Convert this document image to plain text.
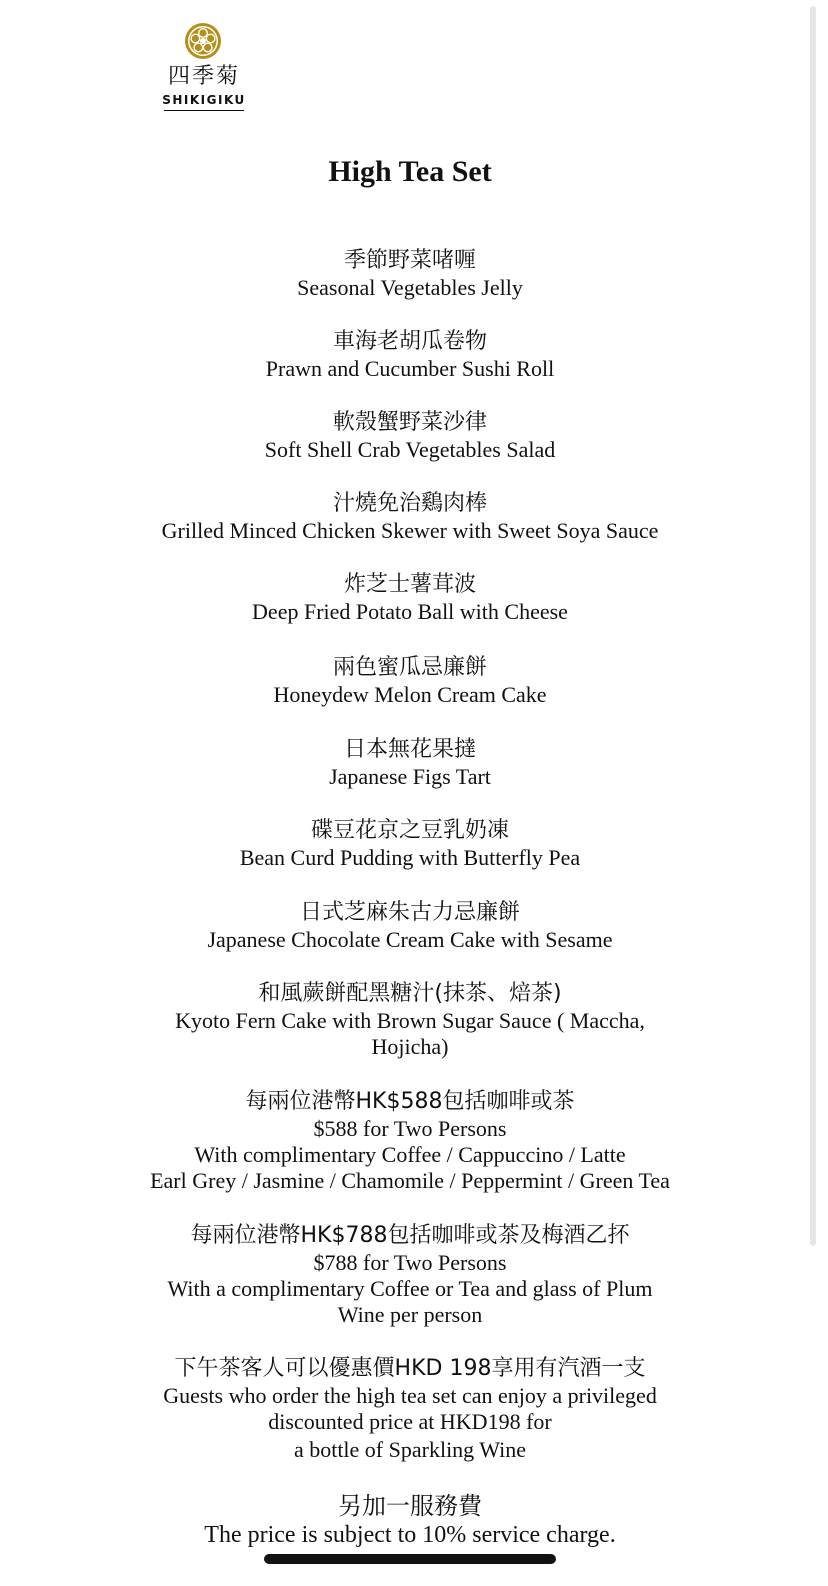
四季菊
SHIKIGIKU
High Tea Set
季節野菜啫喱
Seasonal Vegetables Jelly
車海老胡瓜卷物
Prawn and Cucumber Sushi Roll
軟殼蟹野菜沙律
Soft Shell Crab Vegetables Salad
汁燒免治鷄肉棒
Grilled Minced Chicken Skewer with Sweet Soya Sauce
炸芝士薯茸波
Deep Fried Potato Ball with Cheese
兩色蜜瓜忌廉餅
Honeydew Melon Cream Cake
日本無花果撻
Japanese Figs Tart
碟豆花京之豆乳奶凍
Bean Curd Pudding with Butterfly Pea
日式芝麻朱古力忌廉餅
Japanese Chocolate Cream Cake with Sesame
和風蕨餅配黑糖汁(抹茶、焙茶)
Kyoto Fern Cake with Brown Sugar Sauce ( Maccha,
Hojicha)
每兩位港幣HK$588包括咖啡或茶
$588 for Two Persons
With complimentary Coffee / Cappuccino / Latte
Earl Grey / Jasmine / Chamomile / Peppermint / Green Tea
每兩位港幣HK$788包括咖啡或茶及梅酒乙抔
$788 for Two Persons
With a complimentary Coffee or Tea and glass of Plum
Wine per person
下午茶客人可以優惠價HKD 198享用有汽酒一支
Guests who order the high tea set can enjoy a privileged
discounted price at HKD198 for
a bottle of Sparkling Wine
另加一服務費
The price is subject to 10% service charge.
